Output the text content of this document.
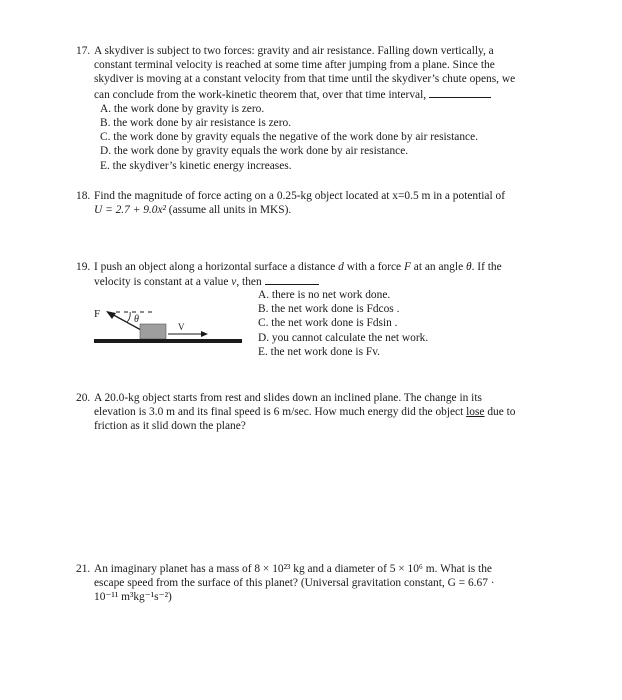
17. A skydiver is subject to two forces: gravity and air resistance. Falling down vertically, a

constant terminal velocity is reached at some time after jumping from a plane. Since the

skydiver is moving at a constant velocity from that time until the skydiver’s chute opens, we

can conclude from the work-kinetic theorem that, over that time interval,

A. the work done by gravity is zero.
B. the work done by air resistance is zero.
C. the work done by gravity equals the negative of the work done by air resistance.
D. the work done by gravity equals the work done by air resistance.
E. the skydiver’s kinetic energy increases.

18. Find the magnitude of force acting on a 0.25-kg object located at x=0.5 m in a potential of

U = 2.7 + 9.0x² (assume all units in MKS).

19. I push an object along a horizontal surface a distance d with a force F at an angle θ. If the

velocity is constant at a value v, then

F	θ
V
A. there is no net work done.
B. the net work done is Fdcos .
C. the net work done is Fdsin .
D. you cannot calculate the net work.
E. the net work done is Fv.

20. A 20.0-kg object starts from rest and slides down an inclined plane. The change in its

elevation is 3.0 m and its final speed is 6 m/sec. How much energy did the object lose due to

friction as it slid down the plane?

21. An imaginary planet has a mass of 8 × 10²³ kg and a diameter of 5 × 10⁶ m. What is the

escape speed from the surface of this planet? (Universal gravitation constant, G = 6.67 ·

10⁻¹¹ m³kg⁻¹s⁻²)
